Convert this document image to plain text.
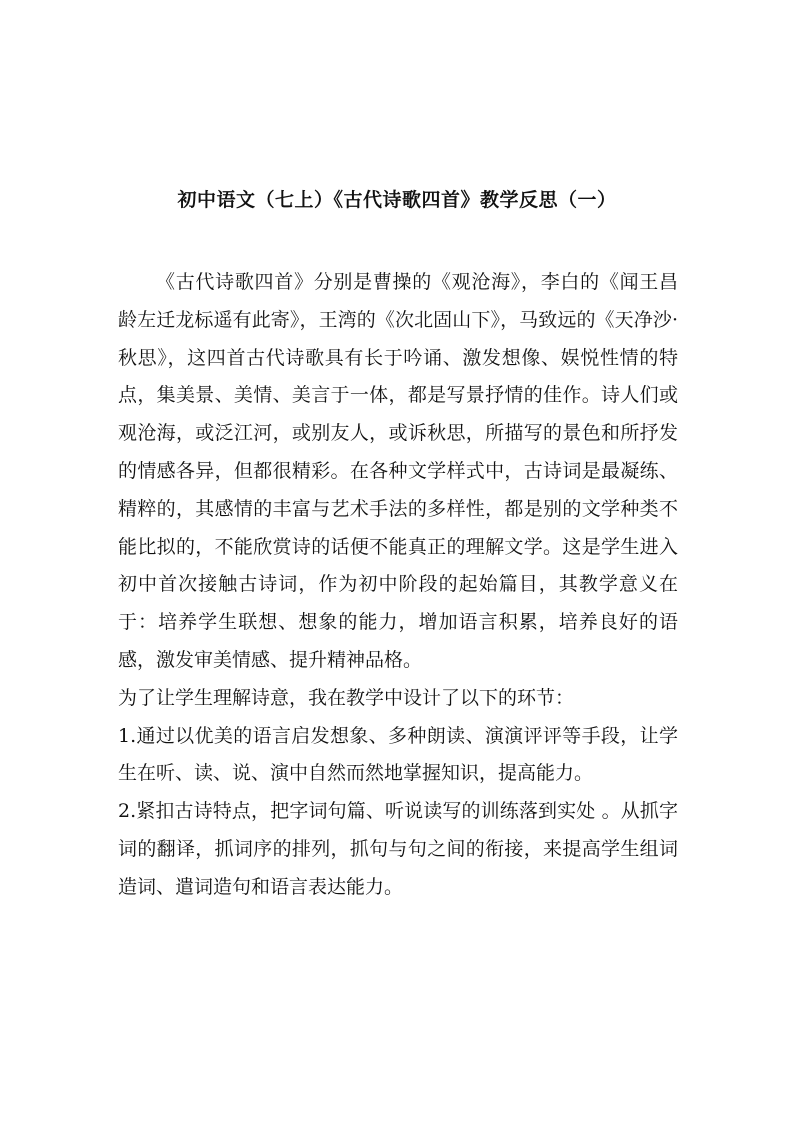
初中语文（七上）《古代诗歌四首》教学反思（一）

《古代诗歌四首》分别是曹操的《观沧海》，李白的《闻王昌龄左迁龙标遥有此寄》，王湾的《次北固山下》，马致远的《天净沙·秋思》，这四首古代诗歌具有长于吟诵、激发想像、娱悦性情的特点，集美景、美情、美言于一体，都是写景抒情的佳作。诗人们或观沧海，或泛江河，或别友人，或诉秋思，所描写的景色和所抒发的情感各异，但都很精彩。在各种文学样式中，古诗词是最凝练、精粹的，其感情的丰富与艺术手法的多样性，都是别的文学种类不能比拟的，不能欣赏诗的话便不能真正的理解文学。这是学生进入初中首次接触古诗词，作为初中阶段的起始篇目，其教学意义在于：培养学生联想、想象的能力，增加语言积累，培养良好的语感，激发审美情感、提升精神品格。

为了让学生理解诗意，我在教学中设计了以下的环节：

1.通过以优美的语言启发想象、多种朗读、演演评评等手段，让学生在听、读、说、演中自然而然地掌握知识，提高能力。

2.紧扣古诗特点，把字词句篇、听说读写的训练落到实处 。从抓字词的翻译，抓词序的排列，抓句与句之间的衔接，来提高学生组词造词、遣词造句和语言表达能力。
